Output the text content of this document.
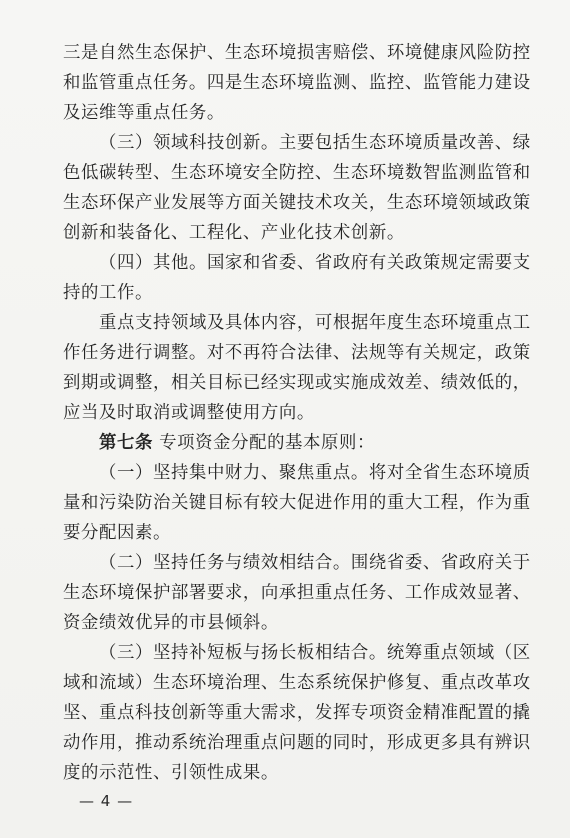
三是自然生态保护、生态环境损害赔偿、环境健康风险防控
和监管重点任务。四是生态环境监测、监控、监管能力建设
及运维等重点任务。
（三）领域科技创新。主要包括生态环境质量改善、绿
色低碳转型、生态环境安全防控、生态环境数智监测监管和
生态环保产业发展等方面关键技术攻关，生态环境领域政策
创新和装备化、工程化、产业化技术创新。
（四）其他。国家和省委、省政府有关政策规定需要支
持的工作。
重点支持领域及具体内容，可根据年度生态环境重点工
作任务进行调整。对不再符合法律、法规等有关规定，政策
到期或调整，相关目标已经实现或实施成效差、绩效低的，
应当及时取消或调整使用方向。
第七条 专项资金分配的基本原则：
（一）坚持集中财力、聚焦重点。将对全省生态环境质
量和污染防治关键目标有较大促进作用的重大工程，作为重
要分配因素。
（二）坚持任务与绩效相结合。围绕省委、省政府关于
生态环境保护部署要求，向承担重点任务、工作成效显著、
资金绩效优异的市县倾斜。
（三）坚持补短板与扬长板相结合。统筹重点领域（区
域和流域）生态环境治理、生态系统保护修复、重点改革攻
坚、重点科技创新等重大需求，发挥专项资金精准配置的撬
动作用，推动系统治理重点问题的同时，形成更多具有辨识
度的示范性、引领性成果。
— 4 —
